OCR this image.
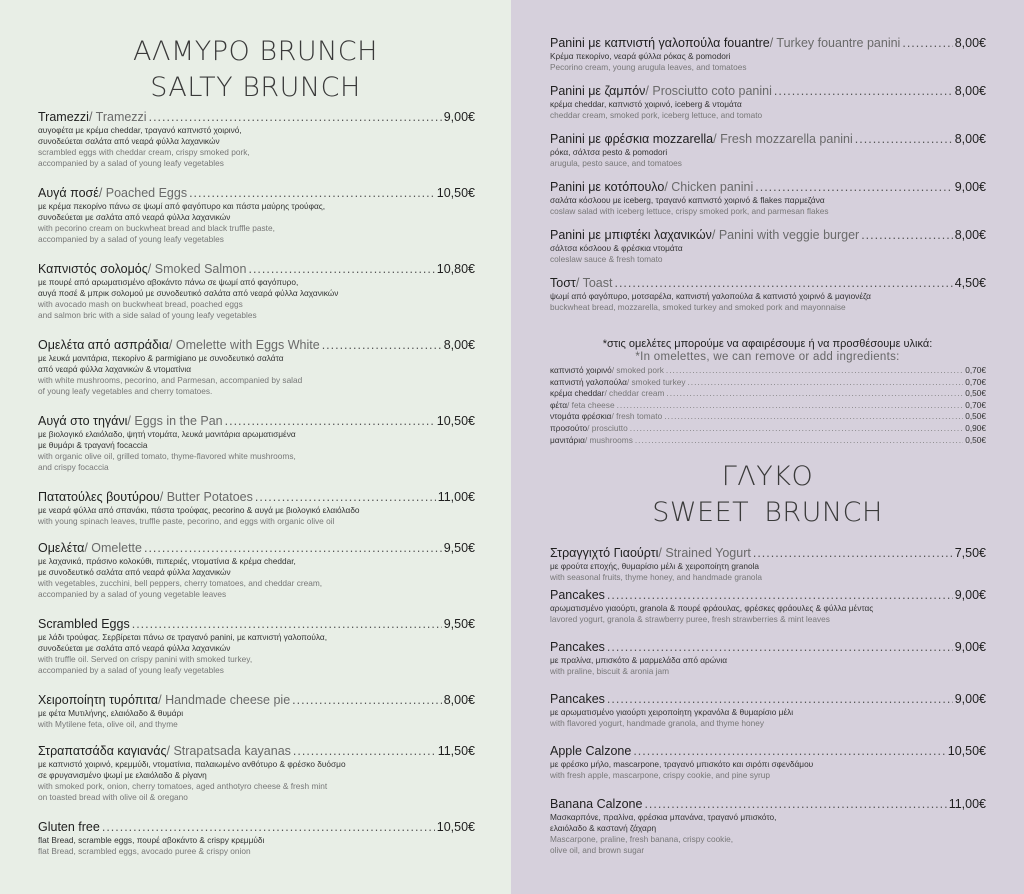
ΑΛΜΥΡΟ BRUNCH
SALTY BRUNCH
Tramezzi / Tramezzi .....	9,00€
αυγοφέτα με κρέμα cheddar, τραγανό καπνιστό χοιρινό,
συνοδεύεται σαλάτα από νεαρά φύλλα λαχανικών
scrambled eggs with cheddar cream, crispy smoked pork,
accompanied by a salad of young leafy vegetables
Αυγά ποσέ / Poached Eggs .....	10,50€
με κρέμα πεκορίνο πάνω σε ψωμί από φαγόπυρο και πάστα μαύρης τρούφας,
συνοδεύεται με σαλάτα από νεαρά φύλλα λαχανικών
with pecorino cream on buckwheat bread and black truffle paste,
accompanied by a salad of young leafy vegetables
Καπνιστός σολομός / Smoked Salmon .....	10,80€
με πουρέ από αρωματισμένο αβοκάντο πάνω σε ψωμί από φαγόπυρο,
αυγά ποσέ & μπρικ σολομού με συνοδευτικό σαλάτα από νεαρά φύλλα λαχανικών
with avocado mash on buckwheat bread, poached eggs
and salmon bric with a side salad of young leafy vegetables
Ομελέτα από ασπράδια / Omelette with Eggs White .....	8,00€
με λευκά μανιτάρια, πεκορίνο & parmigiano με συνοδευτικό σαλάτα
από νεαρά φύλλα λαχανικών & ντοματίνια
with white mushrooms, pecorino, and Parmesan, accompanied by salad
of young leafy vegetables and cherry tomatoes.
Αυγά στο τηγάνι / Eggs in the Pan .....	10,50€
με βιολογικό ελαιόλαδο, ψητή ντομάτα, λευκά μανιτάρια αρωματισμένα
με θυμάρι & τραγανή focaccia
with organic olive oil, grilled tomato, thyme-flavored white mushrooms,
and crispy focaccia
Πατατούλες βουτύρου / Butter Potatoes .....	11,00€
με νεαρά φύλλα από σπανάκι, πάστα τρούφας, pecorino & αυγά με βιολογικό ελαιόλαδο
with young spinach leaves, truffle paste, pecorino, and eggs with organic olive oil
Ομελέτα / Omelette .....	9,50€
με λαχανικά, πράσινο κολοκύθι, πιπεριές, ντοματίνια & κρέμα cheddar,
με συνοδευτικό σαλάτα από νεαρά φύλλα λαχανικών
with vegetables, zucchini, bell peppers, cherry tomatoes, and cheddar cream,
accompanied by a salad of young vegetable leaves
Scrambled Eggs .....	9,50€
με λάδι τρούφας. Σερβίρεται πάνω σε τραγανό panini, με καπνιστή γαλοπούλα,
συνοδεύεται με σαλάτα από νεαρά φύλλα λαχανικών
with truffle oil. Served on crispy panini with smoked turkey,
accompanied by a salad of young leafy vegetables
Χειροποίητη τυρόπιτα / Handmade cheese pie .....	8,00€
με φέτα Μυτιλήνης, ελαιόλαδο & θυμάρι
with Mytilene feta, olive oil, and thyme
Στραπατσάδα καγιανάς / Strapatsada kayanas .....	11,50€
με καπνιστό χοιρινό, κρεμμύδι, ντοματίνια, παλαιωμένο ανθότυρο & φρέσκο δυόσμο
σε φρυγανισμένο ψωμί με ελαιόλαδο & ρίγανη
with smoked pork, onion, cherry tomatoes, aged anthotyro cheese & fresh mint
on toasted bread with olive oil & oregano
Gluten free .....	10,50€
flat Bread, scramble eggs, πουρέ αβοκάντο & crispy κρεμμύδι
flat Bread, scrambled eggs, avocado puree & crispy onion
Panini με καπνιστή γαλοπούλα fouantre / Turkey fouantre panini .....	8,00€
Κρέμα πεκορίνο, νεαρά φύλλα ρόκας & pomodori
Pecorino cream, young arugula leaves, and tomatoes
Panini με ζαμπόν / Prosciutto coto panini .....	8,00€
κρέμα cheddar, καπνιστό χοιρινό, iceberg & ντομάτα
cheddar cream, smoked pork, iceberg lettuce, and tomato
Panini με φρέσκια mozzarella / Fresh mozzarella panini .....	8,00€
ρόκα, σάλτσα pesto & pomodori
arugula, pesto sauce, and tomatoes
Panini με κοτόπουλο / Chicken panini .....	9,00€
σαλάτα κόσλοου με iceberg, τραγανό καπνιστό χοιρινό & flakes παρμεζάνα
coslaw salad with iceberg lettuce, crispy smoked pork, and parmesan flakes
Panini με μπιφτέκι λαχανικών / Panini with veggie burger .....	8,00€
σάλτσα κόσλοου & φρέσκια ντομάτα
coleslaw sauce & fresh tomato
Τοστ / Toast .....	4,50€
ψωμί από φαγόπυρο, μοτσαρέλα, καπνιστή γαλοπούλα & καπνιστό χοιρινό & μαγιονέζα
buckwheat bread, mozzarella, smoked turkey and smoked pork and mayonnaise
*στις ομελέτες μπορούμε να αφαιρέσουμε ή να προσθέσουμε υλικά:
*In omelettes, we can remove or add ingredients:
καπνιστό χοιρινό / smoked pork .....	0,70€
καπνιστή γαλοπούλα / smoked turkey .....	0,70€
κρέμα cheddar / cheddar cream .....	0,50€
φέτα / feta cheese .....	0,70€
ντομάτα φρέσκια / fresh tomato .....	0,50€
προσούτο / prosciutto .....	0,90€
μανιτάρια / mushrooms .....	0,50€
ΓΛΥΚΟ
SWEET BRUNCH
Στραγγιχτό Γιαούρτι / Strained Yogurt .....	7,50€
με φρούτα εποχής, θυμαρίσιο μέλι & χειροποίητη granola
with seasonal fruits, thyme honey, and handmade granola
Pancakes .....	9,00€
αρωματισμένο γιαούρτι, granola & πουρέ φράουλας, φρέσκες φράουλες & φύλλα μέντας
lavored yogurt, granola & strawberry puree, fresh strawberries & mint leaves
Pancakes .....	9,00€
με πραλίνα, μπισκότο & μαρμελάδα από αρώνια
with praline, biscuit & aronia jam
Pancakes .....	9,00€
με αρωματισμένο γιαούρτι χειροποίητη γκρανόλα & θυμαρίσιο μέλι
with flavored yogurt, handmade granola, and thyme honey
Apple Calzone .....	10,50€
με φρέσκο μήλο, mascarpone, τραγανό μπισκότο και σιρόπι σφενδάμου
with fresh apple, mascarpone, crispy cookie, and pine syrup
Banana Calzone .....	11,00€
Μασκαρπόνε, πραλίνα, φρέσκια μπανάνα, τραγανό μπισκότο,
ελαιόλαδο & καστανή ζάχαρη
Mascarpone, praline, fresh banana, crispy cookie,
olive oil, and brown sugar
